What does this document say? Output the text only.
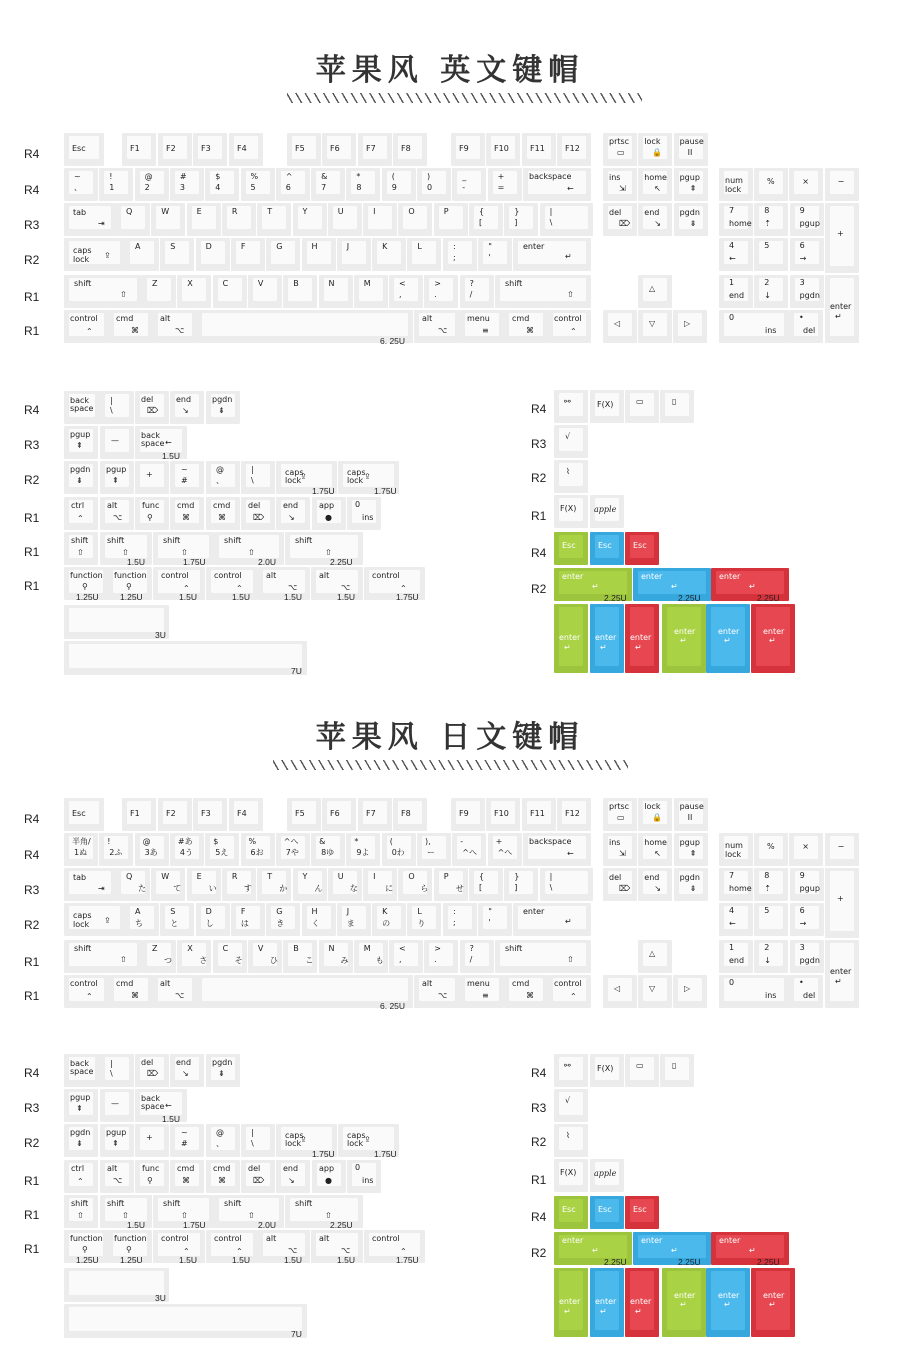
苹果风 英文键帽
苹果风 日文键帽
R4
R4
R3
R2
R1
R1
Esc	F1	F2	F3	F4	F5	F6	F7	F8	F9	F10	F11	F12
~
、
!
1
@
2
#
3
$
4
%
5
^
6
&
7
*
8
(
9
)
0
_
-
+
=
backspace
←
tab
⇥
Q	W	E	R	T	Y	U	I	O	P	{
[
}
]
|
\
caps
lock ⇪
A	S	D	F	G	H	J	K	L	:
;
"
'
enter
↵
shift
⇧
Z	X	C	V	B	N	M	<
,
>
.
?
/
shift
⇧
control
⌃
cmd
⌘
alt
⌥
6. 25U
alt
⌥
menu
≡
cmd
⌘
control
⌃
prtsc
▭
lock
🔒
pause
II
ins
⇲
home
↖
pgup
⇞
del
⌦
end
↘
pgdn
⇟
△
◁	▽	▷
num
lock
%	×	−
7
home
8
⇡
9
pgup
4
←
5	6
→
1
end
2
↓
3
pgdn
+
enter
↵
0
ins
•
del
R4
R4
R3
R2
R1
R1
Esc	F1	F2	F3	F4	F5	F6	F7	F8	F9	F10	F11	F12
半角/
1ぬ
!
2ふ
@
3あ
#あ
4う
$
5え
%
6お
^へ
7や
&
8ゆ
*
9よ
(
0わ
),
ー
-
^へ
+
^へ
backspace
←
tab
⇥
Q
た
W
て
E
い
R
す
T
か
Y
ん
U
な
I
に
O
ら
P
せ
{
[
}
]
|
\
caps
lock ⇪
A
ち
S
と
D
し
F
は
G
き
H
く
J
ま
K
の
L
り
:
;
"
'
enter
↵
shift
⇧
Z
つ
X
さ
C
そ
V
ひ
B
こ
N
み
M
も
<
,
>
.
?
/
shift
⇧
control
⌃
cmd
⌘
alt
⌥
6. 25U
alt
⌥
menu
≡
cmd
⌘
control
⌃
prtsc
▭
lock
🔒
pause
II
ins
⇲
home
↖
pgup
⇞
del
⌦
end
↘
pgdn
⇟
△
◁	▽	▷
num
lock
%	×	−
7
home
8
⇡
9
pgup
4
←
5	6
→
1
end
2
↓
3
pgdn
+
enter
↵
0
ins
•
del
R4
R3
R2
R1
R1
R1
back
space
|
\
del
⌦
end
↘
pgdn
⇟
pgup
⇞
—
back
space ←
1.5U
pgdn
⇟
pgup
⇞
+
~
#
@
、
|
\
caps
lock
⇪
1.75U
caps
lock ⇪
1.75U
ctrl
⌃
alt
⌥
func
⚲
cmd
⌘
cmd
⌘
del
⌦
end
↘
app
●
0
ins
shift
⇧
shift
⇧
1.5U
shift
⇧
1.75U
shift
⇧
2.0U
shift
⇧
2.25U
function
⚲
1.25U
function
⚲
1.25U
control
⌃
1.5U
control
⌃
1.5U
alt
⌥
1.5U
alt
⌥
1.5U
control
⌃
1.75U
3U
7U
R4
R3
R2
R1
R1
R1
back
space
|
\
del
⌦
end
↘
pgdn
⇟
pgup
⇞
—
back
space ←
1.5U
pgdn
⇟
pgup
⇞
+
~
#
@
、
|
\
caps
lock
⇪
1.75U
caps
lock ⇪
1.75U
ctrl
⌃
alt
⌥
func
⚲
cmd
⌘
cmd
⌘
del
⌦
end
↘
app
●
0
ins
shift
⇧
shift
⇧
1.5U
shift
⇧
1.75U
shift
⇧
2.0U
shift
⇧
2.25U
function
⚲
1.25U
function
⚲
1.25U
control
⌃
1.5U
control
⌃
1.5U
alt
⌥
1.5U
alt
⌥
1.5U
control
⌃
1.75U
3U
7U
R4
R3
R2
R1
R4
R2
⚯	F(X)	▭	▯
√
⌇
F(X) apple
Esc	Esc	Esc
enter
↵
2.25U
enter
↵
2.25U
enter
↵
2.25U
enter
↵
enter
↵
enter
↵
enter
↵
enter
↵
enter
↵
R4
R3
R2
R1
R4
R2
⚯	F(X)	▭	▯
√
⌇
F(X) apple
Esc	Esc	Esc
enter
↵
2.25U
enter
↵
2.25U
enter
↵
2.25U
enter
↵
enter
↵
enter
↵
enter
↵
enter
↵
enter
↵
